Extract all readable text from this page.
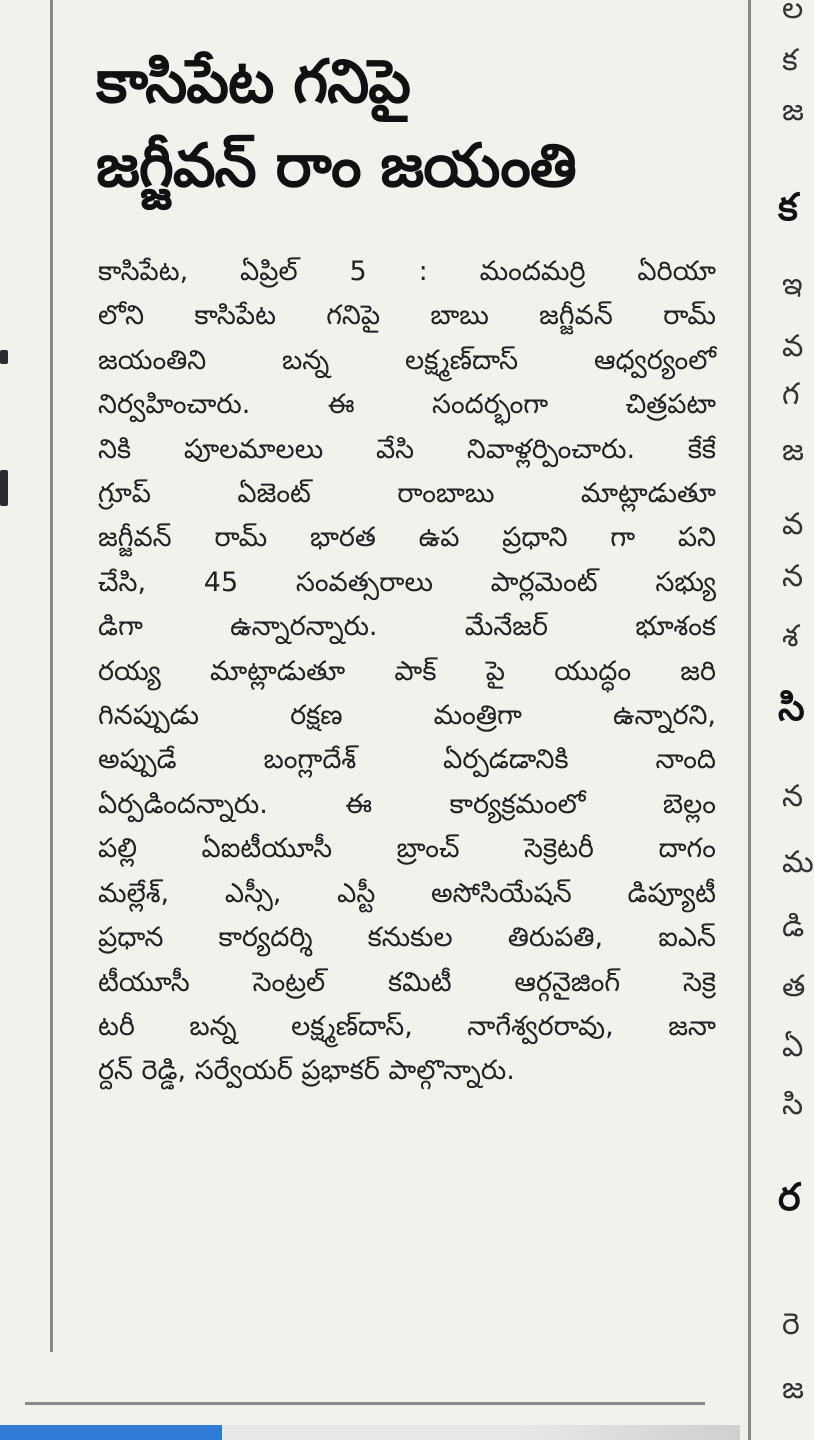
కాసిపేట గనిపై
జగ్జీవన్ రాం జయంతి
కాసిపేట, ఏప్రిల్ 5 : మందమర్రి ఏరియా
లోని కాసిపేట గనిపై బాబు జగ్జీవన్ రామ్
జయంతిని బన్న లక్ష్మణ్‌దాస్ ఆధ్వర్యంలో
నిర్వహించారు. ఈ సందర్భంగా చిత్రపటా
నికి పూలమాలలు వేసి నివాళ్లర్పించారు. కేకే
గ్రూప్ ఏజెంట్ రాంబాబు మాట్లాడుతూ
జగ్జీవన్ రామ్ భారత ఉప ప్రధాని గా పని
చేసి, 45 సంవత్సరాలు పార్లమెంట్ సభ్యు
డిగా ఉన్నారన్నారు. మేనేజర్ భూశంక
రయ్య మాట్లాడుతూ పాక్ పై యుద్ధం జరి
గినప్పుడు రక్షణ మంత్రిగా ఉన్నారని,
అప్పుడే బంగ్లాదేశ్ ఏర్పడడానికి నాంది
ఏర్పడిందన్నారు. ఈ కార్యక్రమంలో బెల్లం
పల్లి ఏఐటీయూసీ బ్రాంచ్ సెక్రెటరీ దాగం
మల్లేశ్, ఎస్సీ, ఎస్టీ అసోసియేషన్ డిప్యూటీ
ప్రధాన కార్యదర్శి కనుకుల తిరుపతి, ఐఎన్
టీయూసీ సెంట్రల్ కమిటీ ఆర్గనైజింగ్ సెక్రె
టరీ బన్న లక్ష్మణ్‌దాస్, నాగేశ్వరరావు, జనా
ర్దన్ రెడ్డి, సర్వేయర్ ప్రభాకర్ పాల్గొన్నారు.
ల
క
జ
క
ఇ
వ
గ
జ
వ
న
శ
సి
న
మ
డి
త
ఏ
సి
ర
రె
జ
